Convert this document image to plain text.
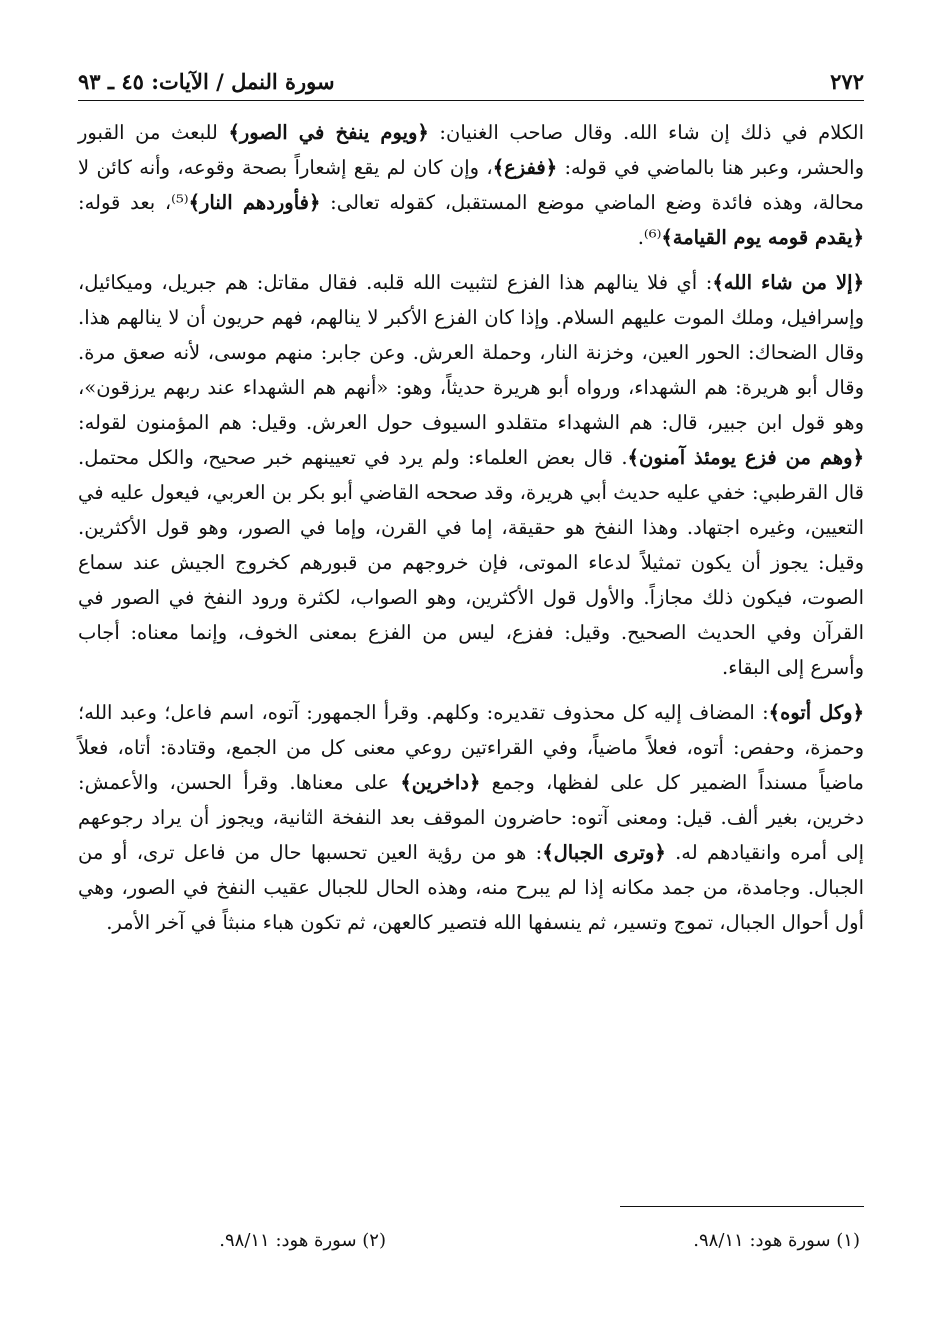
٢٧٢
سورة النمل / الآيات: ٤٥ ـ ٩٣

الكلام في ذلك إن شاء الله. وقال صاحب الغنيان: ﴿ويوم ينفخ في الصور﴾ للبعث من القبور والحشر، وعبر هنا بالماضي في قوله: ﴿ففزع﴾، وإن كان لم يقع إشعاراً بصحة وقوعه، وأنه كائن لا محالة، وهذه فائدة وضع الماضي موضع المستقبل، كقوله تعالى: ﴿فأوردهم النار﴾⁽⁵⁾، بعد قوله: ﴿يقدم قومه يوم القيامة﴾⁽⁶⁾.

﴿إلا من شاء الله﴾: أي فلا ينالهم هذا الفزع لتثبيت الله قلبه. فقال مقاتل: هم جبريل، وميكائيل، وإسرافيل، وملك الموت عليهم السلام. وإذا كان الفزع الأكبر لا ينالهم، فهم حريون أن لا ينالهم هذا. وقال الضحاك: الحور العين، وخزنة النار، وحملة العرش. وعن جابر: منهم موسى، لأنه صعق مرة. وقال أبو هريرة: هم الشهداء، ورواه أبو هريرة حديثاً، وهو: «أنهم هم الشهداء عند ربهم يرزقون»، وهو قول ابن جبير، قال: هم الشهداء متقلدو السيوف حول العرش. وقيل: هم المؤمنون لقوله: ﴿وهم من فزع يومئذ آمنون﴾. قال بعض العلماء: ولم يرد في تعيينهم خبر صحيح، والكل محتمل. قال القرطبي: خفي عليه حديث أبي هريرة، وقد صححه القاضي أبو بكر بن العربي، فيعول عليه في التعيين، وغيره اجتهاد. وهذا النفخ هو حقيقة، إما في القرن، وإما في الصور، وهو قول الأكثرين. وقيل: يجوز أن يكون تمثيلاً لدعاء الموتى، فإن خروجهم من قبورهم كخروج الجيش عند سماع الصوت، فيكون ذلك مجازاً. والأول قول الأكثرين، وهو الصواب، لكثرة ورود النفخ في الصور في القرآن وفي الحديث الصحيح. وقيل: ففزع، ليس من الفزع بمعنى الخوف، وإنما معناه: أجاب وأسرع إلى البقاء.

﴿وكل أتوه﴾: المضاف إليه كل محذوف تقديره: وكلهم. وقرأ الجمهور: آتوه، اسم فاعل؛ وعبد الله؛ وحمزة، وحفص: أتوه، فعلاً ماضياً، وفي القراءتين روعي معنى كل من الجمع، وقتادة: أتاه، فعلاً ماضياً مسنداً الضمير كل على لفظها، وجمع ﴿داخرين﴾ على معناها. وقرأ الحسن، والأعمش: دخرين، بغير ألف. قيل: ومعنى آتوه: حاضرون الموقف بعد النفخة الثانية، ويجوز أن يراد رجوعهم إلى أمره وانقيادهم له. ﴿وترى الجبال﴾: هو من رؤية العين تحسبها حال من فاعل ترى، أو من الجبال. وجامدة، من جمد مكانه إذا لم يبرح منه، وهذه الحال للجبال عقيب النفخ في الصور، وهي أول أحوال الجبال، تموج وتسير، ثم ينسفها الله فتصير كالعهن، ثم تكون هباء منبثاً في آخر الأمر.

(١) سورة هود: ٩٨/١١.
(٢) سورة هود: ٩٨/١١.
